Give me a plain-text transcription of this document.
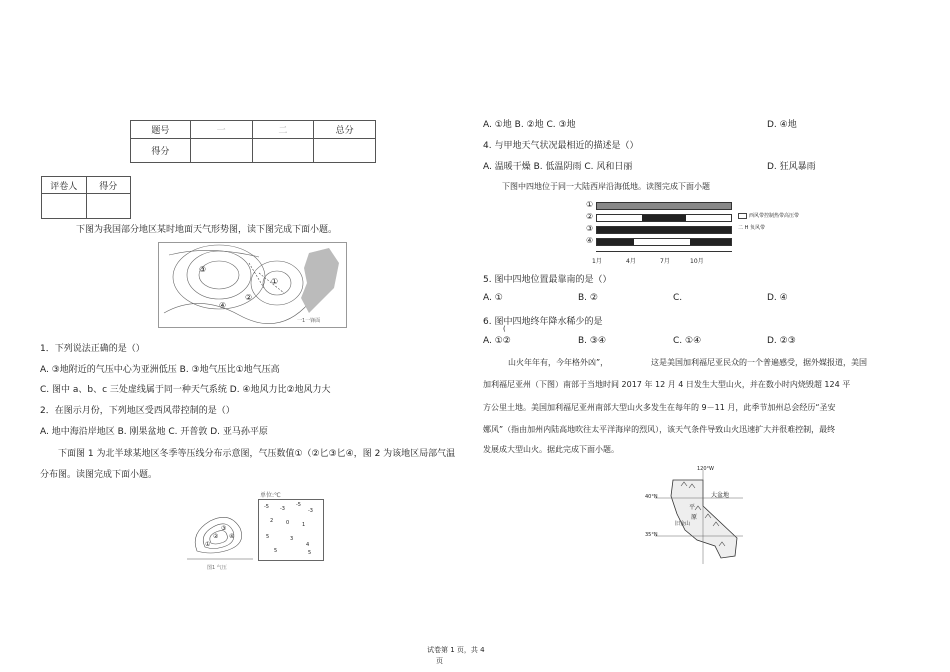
题号	一	二	总分
得分			
评卷人	得分

下图为我国部分地区某时地面天气形势图，读下图完成下面小题。
③
①
②
④
一1一锋面
1．下列说法正确的是（）
A. ③地附近的气压中心为亚洲低压 B. ③地气压比①地气压高
C. 图中 a、b、c 三处虚线属于同一种天气系统 D. ④地风力比②地风力大
2．在图示月份，下列地区受西风带控制的是（）
A. 地中海沿岸地区 B. 刚果盆地 C. 开普敦 D. 亚马孙平原
下面图 1 为北半球某地区冬季等压线分布示意图，气压数值①（②匕③匕④，图 2 为该地区局部气温
分布图。读图完成下面小题。
①
②
③
④
图1 气压
单位:℃
-5 -3
-5
-3
2	0	1
5	3
4
5	5
A. ①地 B. ②地 C. ③地	D. ④地
4. 与甲地天气状况最相近的描述是（）
A. 温暖干燥 B. 低温阴雨 C. 风和日丽	D. 狂风暴雨
下图中四地位于同一大陆西岸沿海低地。读图完成下面小题
①
②
③
④
1月	4月	7月	10月
西风带控制热带高压带
二 H 负风带
5. 图中四地位置最靠南的是（）
A. ①	B. ②	C.	D. ④
6. 图中四地终年降水稀少的是
(
A. ①②	B. ③④	C. ①④	D. ②③
山火年年有，今年格外凶”，	这是美国加利福尼亚民众的一个普遍感受，据外媒报道，美国
加利福尼亚州（下图）南部于当地时间 2017 年 12 月 4 日发生大型山火，并在数小时内烧毁超 124 平
方公里土地。美国加利福尼亚州南部大型山火多发生在每年的 9－11 月，此季节加州总会经历“圣安
娜风”（指由加州内陆高地吹往太平洋海岸的烈风），该天气条件导致山火迅速扩大并很难控制，最终
发展成大型山火。据此完成下面小题。
120°W
40°N
35°N
大盆地
平
原
旧金山
试卷第 1 页，共 4
页
